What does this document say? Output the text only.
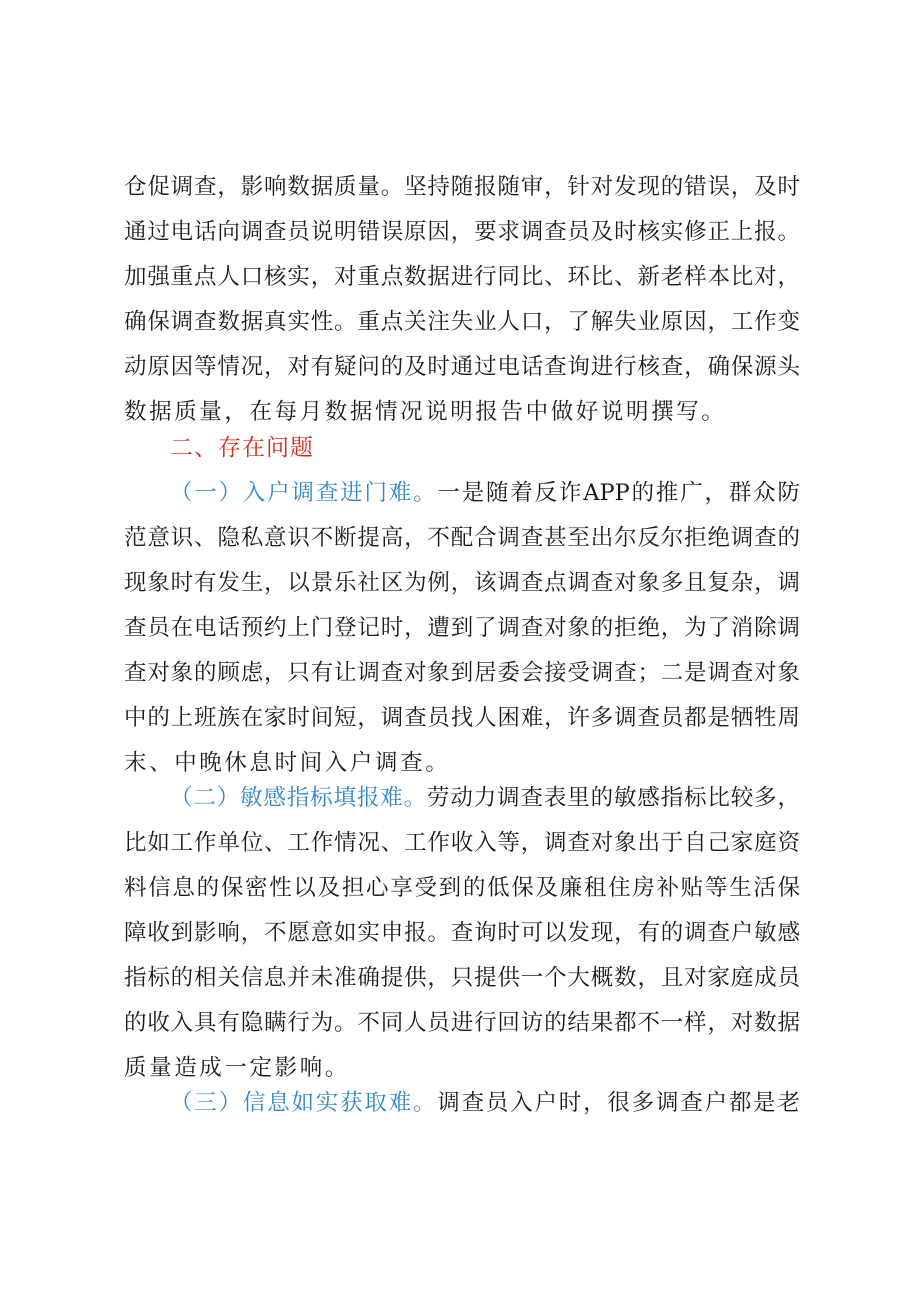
仓促调查，影响数据质量。坚持随报随审，针对发现的错误，及时
通过电话向调查员说明错误原因，要求调查员及时核实修正上报。
加强重点人口核实，对重点数据进行同比、环比、新老样本比对，
确保调查数据真实性。重点关注失业人口，了解失业原因，工作变
动原因等情况，对有疑问的及时通过电话查询进行核查，确保源头
数据质量，在每月数据情况说明报告中做好说明撰写。
二、存在问题
（一）入户调查进门难。一是随着反诈APP的推广，群众防
范意识、隐私意识不断提高，不配合调查甚至出尔反尔拒绝调查的
现象时有发生，以景乐社区为例，该调查点调查对象多且复杂，调
查员在电话预约上门登记时，遭到了调查对象的拒绝，为了消除调
查对象的顾虑，只有让调查对象到居委会接受调查；二是调查对象
中的上班族在家时间短，调查员找人困难，许多调查员都是牺牲周
末、中晚休息时间入户调查。
（二）敏感指标填报难。劳动力调查表里的敏感指标比较多，
比如工作单位、工作情况、工作收入等，调查对象出于自己家庭资
料信息的保密性以及担心享受到的低保及廉租住房补贴等生活保
障收到影响，不愿意如实申报。查询时可以发现，有的调查户敏感
指标的相关信息并未准确提供，只提供一个大概数，且对家庭成员
的收入具有隐瞒行为。不同人员进行回访的结果都不一样，对数据
质量造成一定影响。
（三）信息如实获取难。调查员入户时，很多调查户都是老
